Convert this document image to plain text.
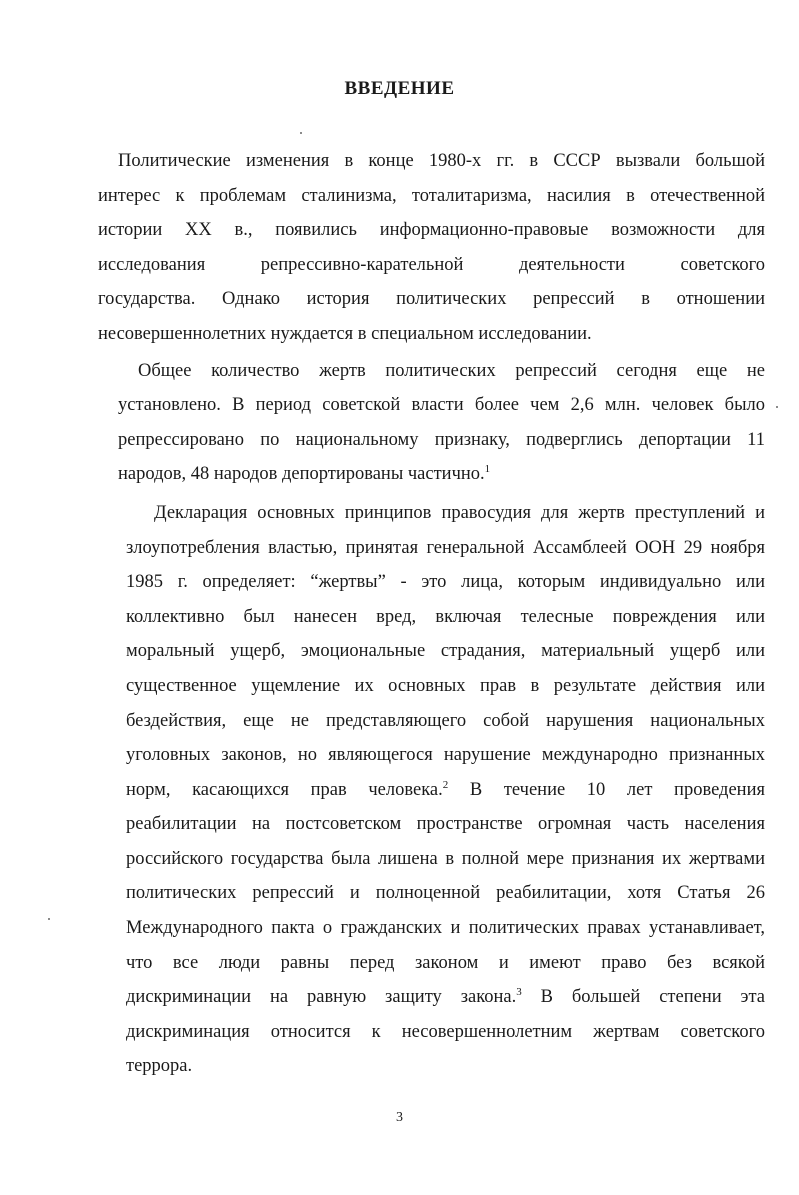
ВВЕДЕНИЕ
Политические изменения в конце 1980-х гг. в СССР вызвали большой
интерес к проблемам сталинизма, тоталитаризма, насилия в отечественной
истории XX в., появились информационно-правовые возможности для
исследования репрессивно-карательной деятельности советского
государства. Однако история политических репрессий в отношении
несовершеннолетних нуждается в специальном исследовании.
Общее количество жертв политических репрессий сегодня еще не
установлено. В период советской власти более чем 2,6 млн. человек было
репрессировано по национальному признаку, подверглись депортации 11
народов, 48 народов депортированы частично.$^1$
Декларация основных принципов правосудия для жертв преступлений и
злоупотребления властью, принятая генеральной Ассамблеей ООН 29 ноября
1985 г. определяет: “жертвы” - это лица, которым индивидуально или
коллективно был нанесен вред, включая телесные повреждения или
моральный ущерб, эмоциональные страдания, материальный ущерб или
существенное ущемление их основных прав в результате действия или
бездействия, еще не представляющего собой нарушения национальных
уголовных законов, но являющегося нарушение международно признанных
норм, касающихся прав человека.$^2$ В течение 10 лет проведения
реабилитации на постсоветском пространстве огромная часть населения
российского государства была лишена в полной мере признания их жертвами
политических репрессий и полноценной реабилитации, хотя Статья 26
Международного пакта о гражданских и политических правах устанавливает,
что все люди равны перед законом и имеют право без всякой
дискриминации на равную защиту закона.$^3$ В большей степени эта
дискриминация относится к несовершеннолетним жертвам советского
террора.
3
